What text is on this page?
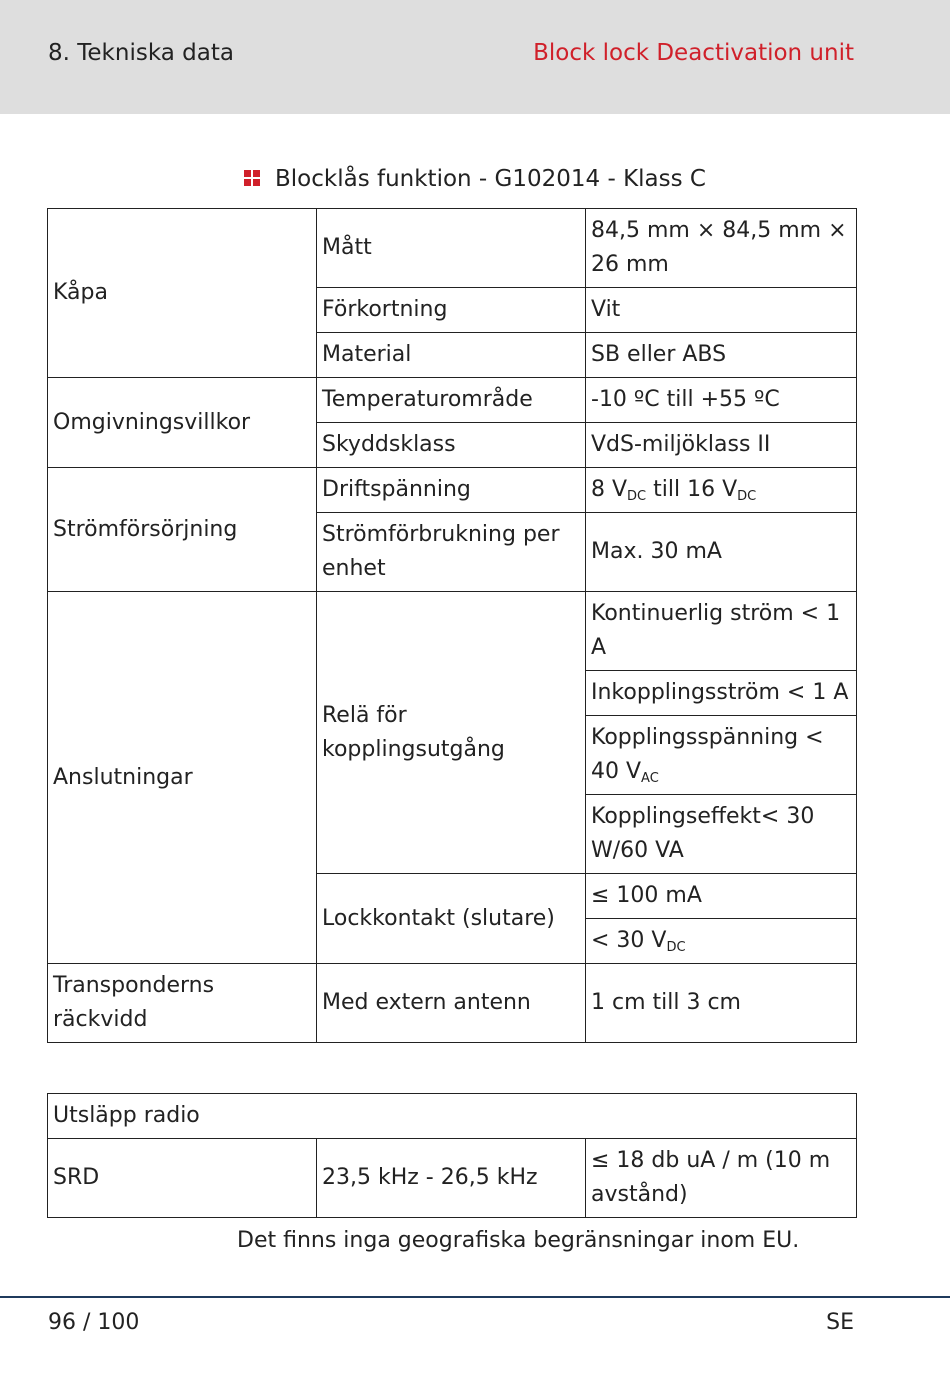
8. Tekniska data	Block lock Deactivation unit
Blocklås funktion - G102014 - Klass C
Kåpa	Mått	84,5 mm × 84,5 mm × 26 mm
	Förkortning	Vit
	Material	SB eller ABS
Omgivningsvillkor	Temperaturområde	-10 ºC till +55 ºC
	Skyddsklass	VdS-miljöklass II
Strömförsörjning	Driftspänning	8 $V_{DC}$ till 16 $V_{DC}$
	Strömförbrukning per enhet	Max. 30 mA
Anslutningar	Relä för kopplingsutgång	Kontinuerlig ström < 1 A
		Inkopplingsström < 1 A
		Kopplingsspänning < 40 $V_{AC}$
		Kopplingseffekt< 30 W/60 VA
	Lockkontakt (slutare)	≤ 100 mA
		< 30 $V_{DC}$
Transponderns räckvidd	Med extern antenn	1 cm till 3 cm
Utsläpp radio
SRD	23,5 kHz - 26,5 kHz	≤ 18 db uA / m (10 m avstånd)
Det finns inga geografiska begränsningar inom EU.
96 / 100	SE
